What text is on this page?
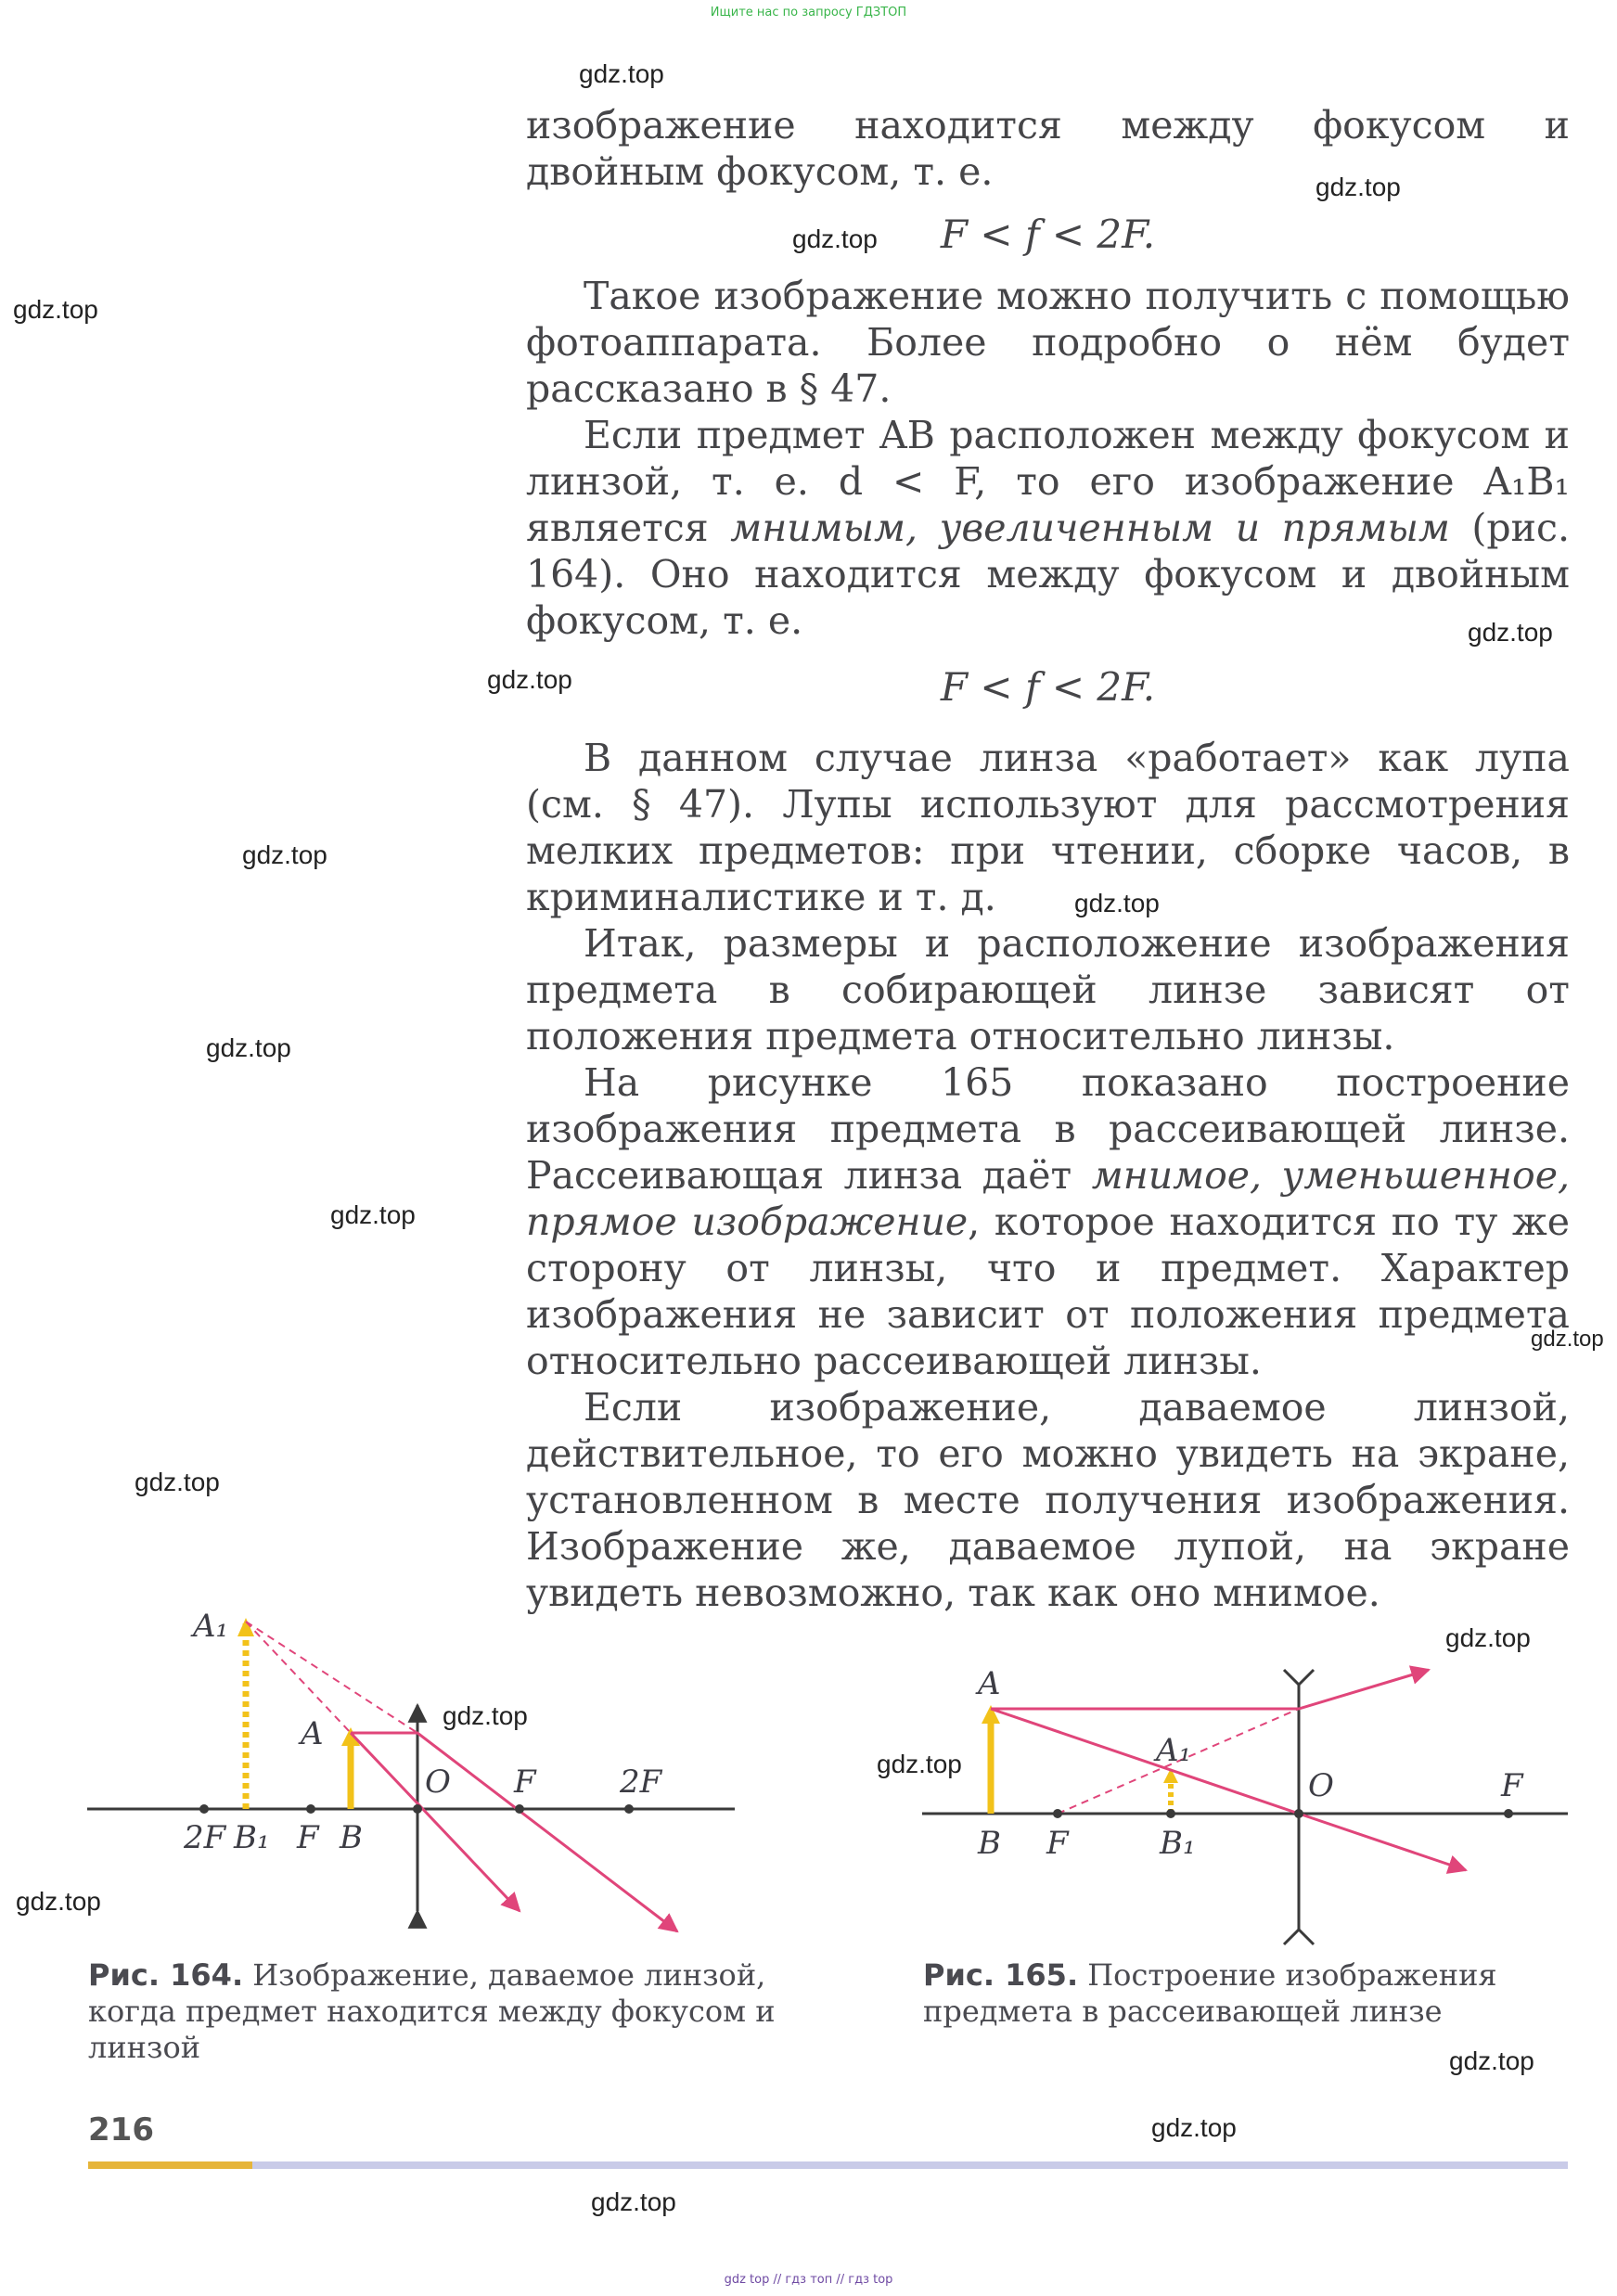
Ищите нас по запросу ГДЗТОП
gdz top // гдз топ // гдз top
gdz.top
gdz.top
gdz.top
gdz.top
gdz.top
gdz.top
gdz.top
gdz.top
gdz.top
gdz.top
gdz.top
gdz.top
gdz.top
gdz.top
gdz.top
gdz.top
gdz.top
gdz.top
gdz.top
изображение находится между фокусом и двойным фокусом, т. е.
F < f < 2F.
Такое изображение можно получить с помощью фотоаппарата. Более подробно о нём будет рассказано в § 47.
Если предмет AB расположен между фокусом и линзой, т. е. d < F, то его изображение A₁B₁ является мнимым, увеличенным и прямым (рис. 164). Оно находится между фокусом и двойным фокусом, т. е.
F < f < 2F.
В данном случае линза «работает» как лупа (см. § 47). Лупы используют для рассмотрения мелких предметов: при чтении, сборке часов, в криминалистике и т. д.
Итак, размеры и расположение изображения предмета в собирающей линзе зависят от положения предмета относительно линзы.
На рисунке 165 показано построение изображения предмета в рассеивающей линзе. Рассеивающая линза даёт мнимое, уменьшенное, прямое изображение, которое находится по ту же сторону от линзы, что и предмет. Характер изображения не зависит от положения предмета относительно рассеивающей линзы.
Если изображение, даваемое линзой, действительное, то его можно увидеть на экране, установленном в месте получения изображения. Изображение же, даваемое лупой, на экране увидеть невозможно, так как оно мнимое.
A₁
A
O F	2F
2F B₁ F B
A
A₁
O	F
B F	B₁
Рис. 164. Изображение, даваемое линзой, когда предмет находится между фокусом и линзой
Рис. 165. Построение изображения предмета в рассеивающей линзе
216
